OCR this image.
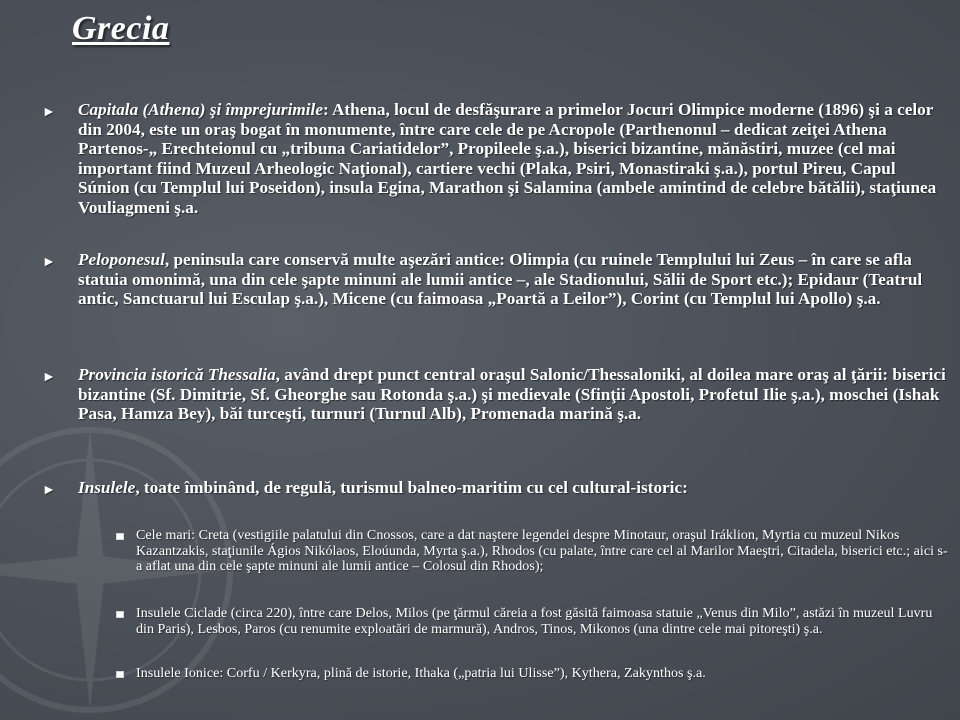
Grecia
►	Capitala (Athena) şi împrejurimile: Athena, locul de desfăşurare a primelor Jocuri Olimpice moderne (1896) şi a celor din 2004, este un oraş bogat în monumente, între care cele de pe Acropole (Parthenonul – dedicat zeiţei Athena Partenos-„ Erechteionul cu „tribuna Cariatidelor”, Propileele ş.a.), biserici bizantine, mănăstiri, muzee (cel mai important fiind Muzeul Arheologic Naţional), cartiere vechi (Plaka, Psiri, Monastiraki ş.a.), portul Pireu, Capul Súnion (cu Templul lui Poseidon), insula Egina, Marathon şi Salamina (ambele amintind de celebre bătălii), staţiunea Vouliagmeni ş.a.
►	Peloponesul, peninsula care conservă multe aşezări antice: Olimpia (cu ruinele Templului lui Zeus – în care se afla statuia omonimă, una din cele şapte minuni ale lumii antice –, ale Stadionului, Sălii de Sport etc.); Epidaur (Teatrul antic, Sanctuarul lui Esculap ş.a.), Micene (cu faimoasa „Poartă a Leilor”), Corint (cu Templul lui Apollo) ş.a.
►	Provincia istorică Thessalia, având drept punct central oraşul Salonic/Thessaloniki, al doilea mare oraş al ţării: biserici bizantine (Sf. Dimitrie, Sf. Gheorghe sau Rotonda ş.a.) şi medievale (Sfinţii Apostoli, Profetul Ilie ş.a.), moschei (Ishak Pasa, Hamza Bey), băi turceşti, turnuri (Turnul Alb), Promenada marină ş.a.
►	Insulele, toate îmbinând, de regulă, turismul balneo-maritim cu cel cultural-istoric:
Cele mari: Creta (vestigiile palatului din Cnossos, care a dat naştere legendei despre Minotaur, oraşul Iráklion, Myrtia cu muzeul Nikos Kazantzakis, staţiunile Ágios Nikólaos, Eloúunda, Myrta ş.a.), Rhodos (cu palate, între care cel al Marilor Maeştri, Citadela, biserici etc.; aici s-a aflat una din cele şapte minuni ale lumii antice – Colosul din Rhodos);
Insulele Ciclade (circa 220), între care Delos, Milos (pe ţărmul căreia a fost găsită faimoasa statuie „Venus din Milo”, astăzi în muzeul Luvru din Paris), Lesbos, Paros (cu renumite exploatări de marmură), Andros, Tinos, Mikonos (una dintre cele mai pitoreşti) ş.a.
Insulele Ionice: Corfu / Kerkyra, plină de istorie, Ithaka („patria lui Ulisse”), Kythera, Zakynthos ş.a.
